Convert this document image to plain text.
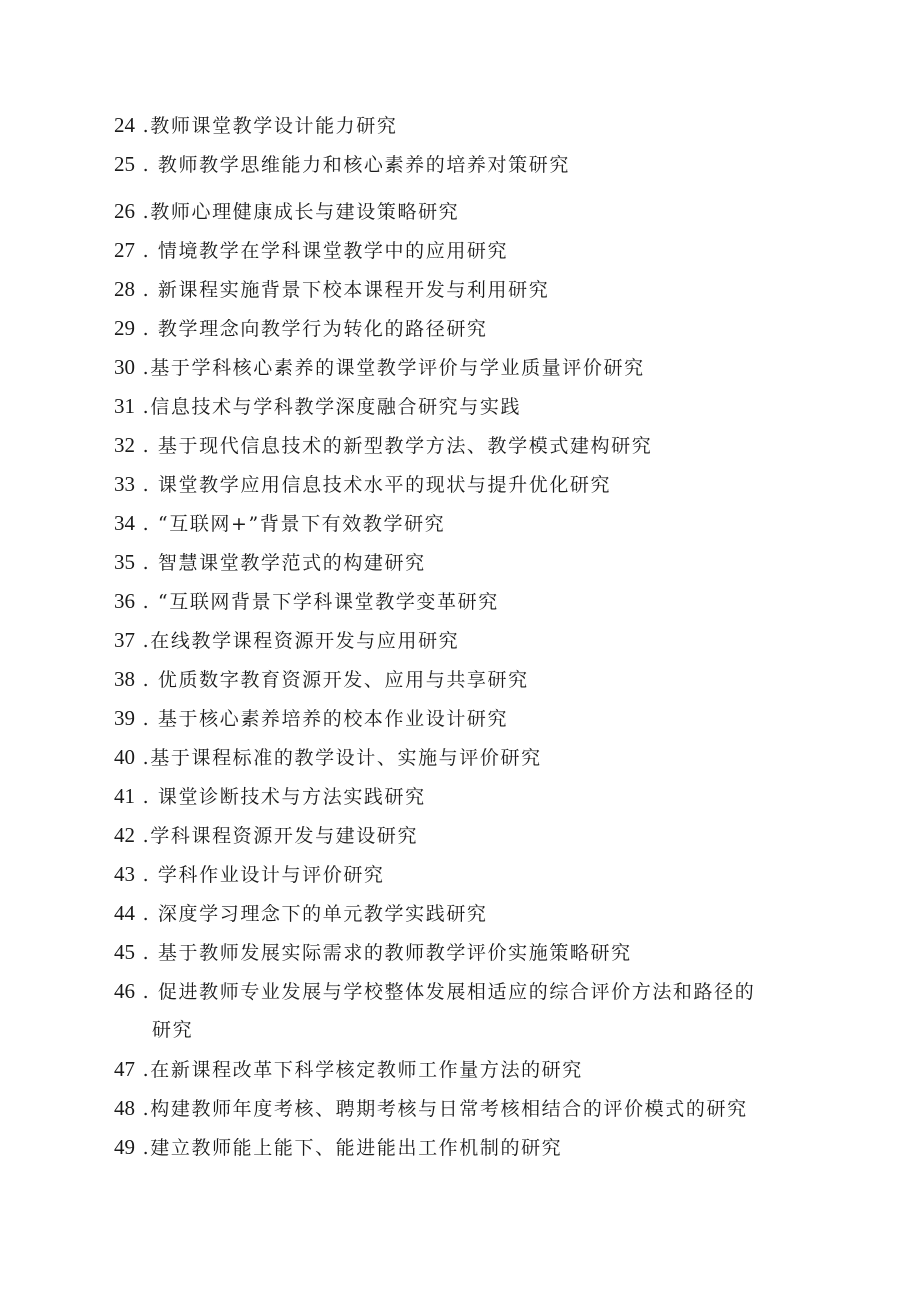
24 .教师课堂教学设计能力研究
25 . 教师教学思维能力和核心素养的培养对策研究
26 .教师心理健康成长与建设策略研究
27 . 情境教学在学科课堂教学中的应用研究
28 . 新课程实施背景下校本课程开发与利用研究
29 . 教学理念向教学行为转化的路径研究
30 .基于学科核心素养的课堂教学评价与学业质量评价研究
31 .信息技术与学科教学深度融合研究与实践
32 . 基于现代信息技术的新型教学方法、教学模式建构研究
33 . 课堂教学应用信息技术水平的现状与提升优化研究
34 . “互联网+”背景下有效教学研究
35 . 智慧课堂教学范式的构建研究
36 . “互联网背景下学科课堂教学变革研究
37 .在线教学课程资源开发与应用研究
38 . 优质数字教育资源开发、应用与共享研究
39 . 基于核心素养培养的校本作业设计研究
40 .基于课程标准的教学设计、实施与评价研究
41 . 课堂诊断技术与方法实践研究
42 .学科课程资源开发与建设研究
43 . 学科作业设计与评价研究
44 . 深度学习理念下的单元教学实践研究
45 . 基于教师发展实际需求的教师教学评价实施策略研究
46 . 促进教师专业发展与学校整体发展相适应的综合评价方法和路径的
研究
47 .在新课程改革下科学核定教师工作量方法的研究
48 .构建教师年度考核、聘期考核与日常考核相结合的评价模式的研究
49 .建立教师能上能下、能进能出工作机制的研究
